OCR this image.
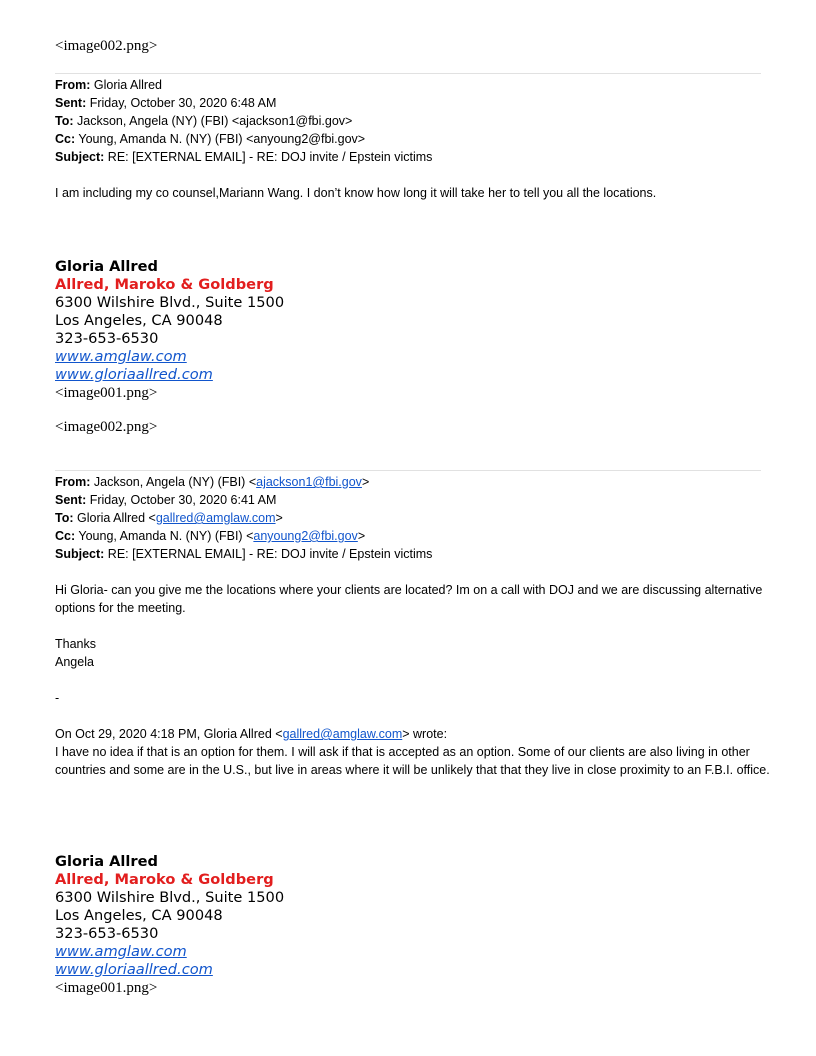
<image002.png>
From: Gloria Allred
Sent: Friday, October 30, 2020 6:48 AM
To: Jackson, Angela (NY) (FBI) <ajackson1@fbi.gov>
Cc: Young, Amanda N. (NY) (FBI) <anyoung2@fbi.gov>
Subject: RE: [EXTERNAL EMAIL] - RE: DOJ invite / Epstein victims
I am including my co counsel,Mariann Wang. I don’t know how long it will take her to tell you all the locations.
Gloria Allred
Allred, Maroko & Goldberg
6300 Wilshire Blvd., Suite 1500
Los Angeles, CA 90048
323-653-6530
www.amglaw.com
www.gloriaallred.com
<image001.png>
<image002.png>
From: Jackson, Angela (NY) (FBI) <ajackson1@fbi.gov>
Sent: Friday, October 30, 2020 6:41 AM
To: Gloria Allred <gallred@amglaw.com>
Cc: Young, Amanda N. (NY) (FBI) <anyoung2@fbi.gov>
Subject: RE: [EXTERNAL EMAIL] - RE: DOJ invite / Epstein victims

Hi Gloria- can you give me the locations where your clients are located? Im on a call with DOJ and we are discussing alternative options for the meeting.

Thanks

Angela

-
On Oct 29, 2020 4:18 PM, Gloria Allred <gallred@amglaw.com> wrote:
I have no idea if that is an option for them. I will ask if that is accepted as an option. Some of our clients are also living in other countries and some are in the U.S., but live in areas where it will be unlikely that that they live in close proximity to an F.B.I. office.
Gloria Allred
Allred, Maroko & Goldberg
6300 Wilshire Blvd., Suite 1500
Los Angeles, CA 90048
323-653-6530
www.amglaw.com
www.gloriaallred.com
<image001.png>
